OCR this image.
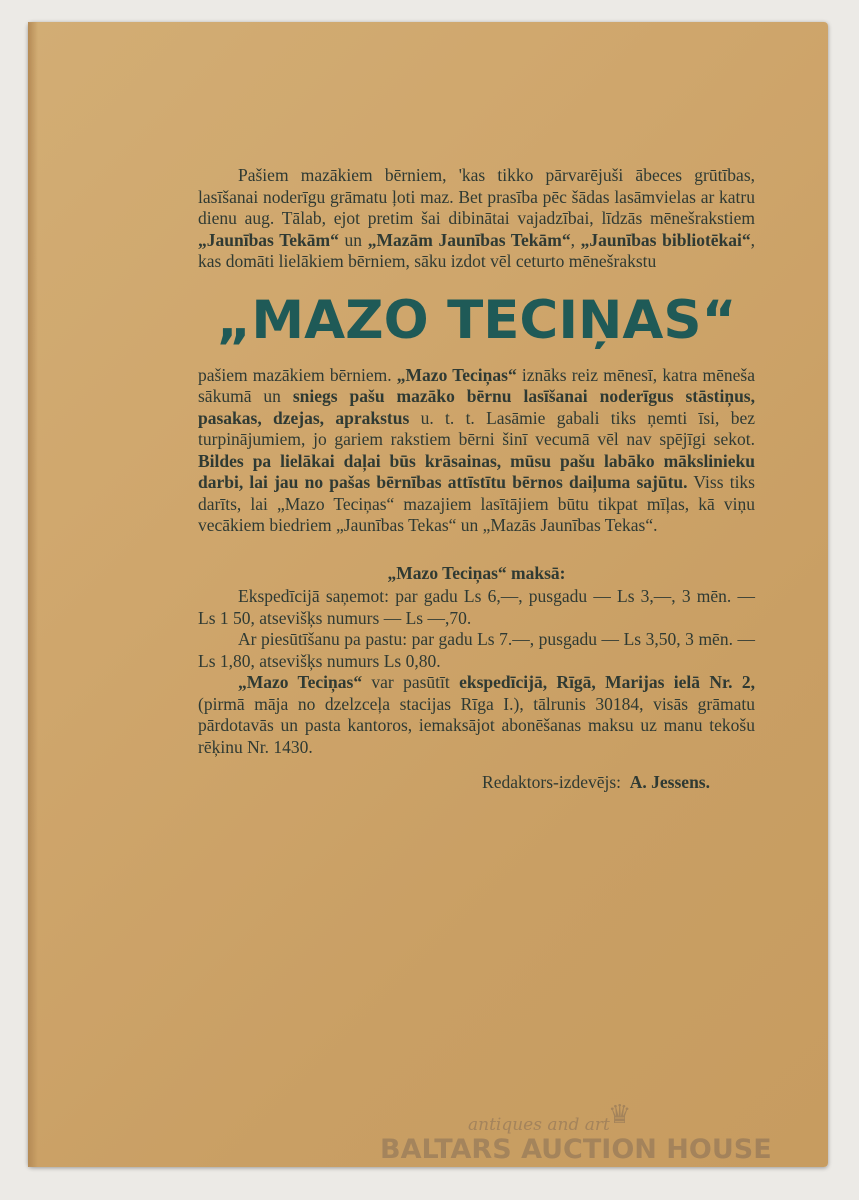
Pašiem mazākiem bērniem, 'kas tikko pārvarējuši ābeces grūtības, lasīšanai noderīgu grāmatu ļoti maz. Bet prasība pēc šādas lasāmvielas ar katru dienu aug. Tālab, ejot pretim šai dibinātai vajadzībai, līdzās mēnešrakstiem „Jaunības Tekām“ un „Mazām Jaunības Tekām“, „Jaunības bibliotēkai“, kas domāti lielākiem bērniem, sāku izdot vēl ceturto mēnešrakstu

„MAZO TECIŅAS“

pašiem mazākiem bērniem. „Mazo Teciņas“ iznāks reiz mēnesī, katra mēneša sākumā un sniegs pašu mazāko bērnu lasīšanai noderīgus stāstiņus, pasakas, dzejas, aprakstus u. t. t. Lasāmie gabali tiks ņemti īsi, bez turpinājumiem, jo gariem rakstiem bērni šinī vecumā vēl nav spējīgi sekot. Bildes pa lielākai daļai būs krāsainas, mūsu pašu labāko mākslinieku darbi, lai jau no pašas bērnības attīstītu bērnos daiļuma sajūtu. Viss tiks darīts, lai „Mazo Teciņas“ mazajiem lasītājiem būtu tikpat mīļas, kā viņu vecākiem biedriem „Jaunības Tekas“ un „Mazās Jaunības Tekas“.

„Mazo Teciņas“ maksā:

Ekspedīcijā saņemot: par gadu Ls 6,—, pusgadu — Ls 3,—, 3 mēn. — Ls 1 50, atsevišķs numurs — Ls —,70.

Ar piesūtīšanu pa pastu: par gadu Ls 7.—, pusgadu — Ls 3,50, 3 mēn. — Ls 1,80, atsevišķs numurs Ls 0,80.

„Mazo Teciņas“ var pasūtīt ekspedīcijā, Rīgā, Marijas ielā Nr. 2, (pirmā māja no dzelzceļa stacijas Rīga I.), tālrunis 30184, visās grāmatu pārdotavās un pasta kantoros, iemaksājot abonēšanas maksu uz manu tekošu rēķinu Nr. 1430.

Redaktors-izdevējs: A. Jessens.

antiques and art
♛
BALTARS AUCTION HOUSE
